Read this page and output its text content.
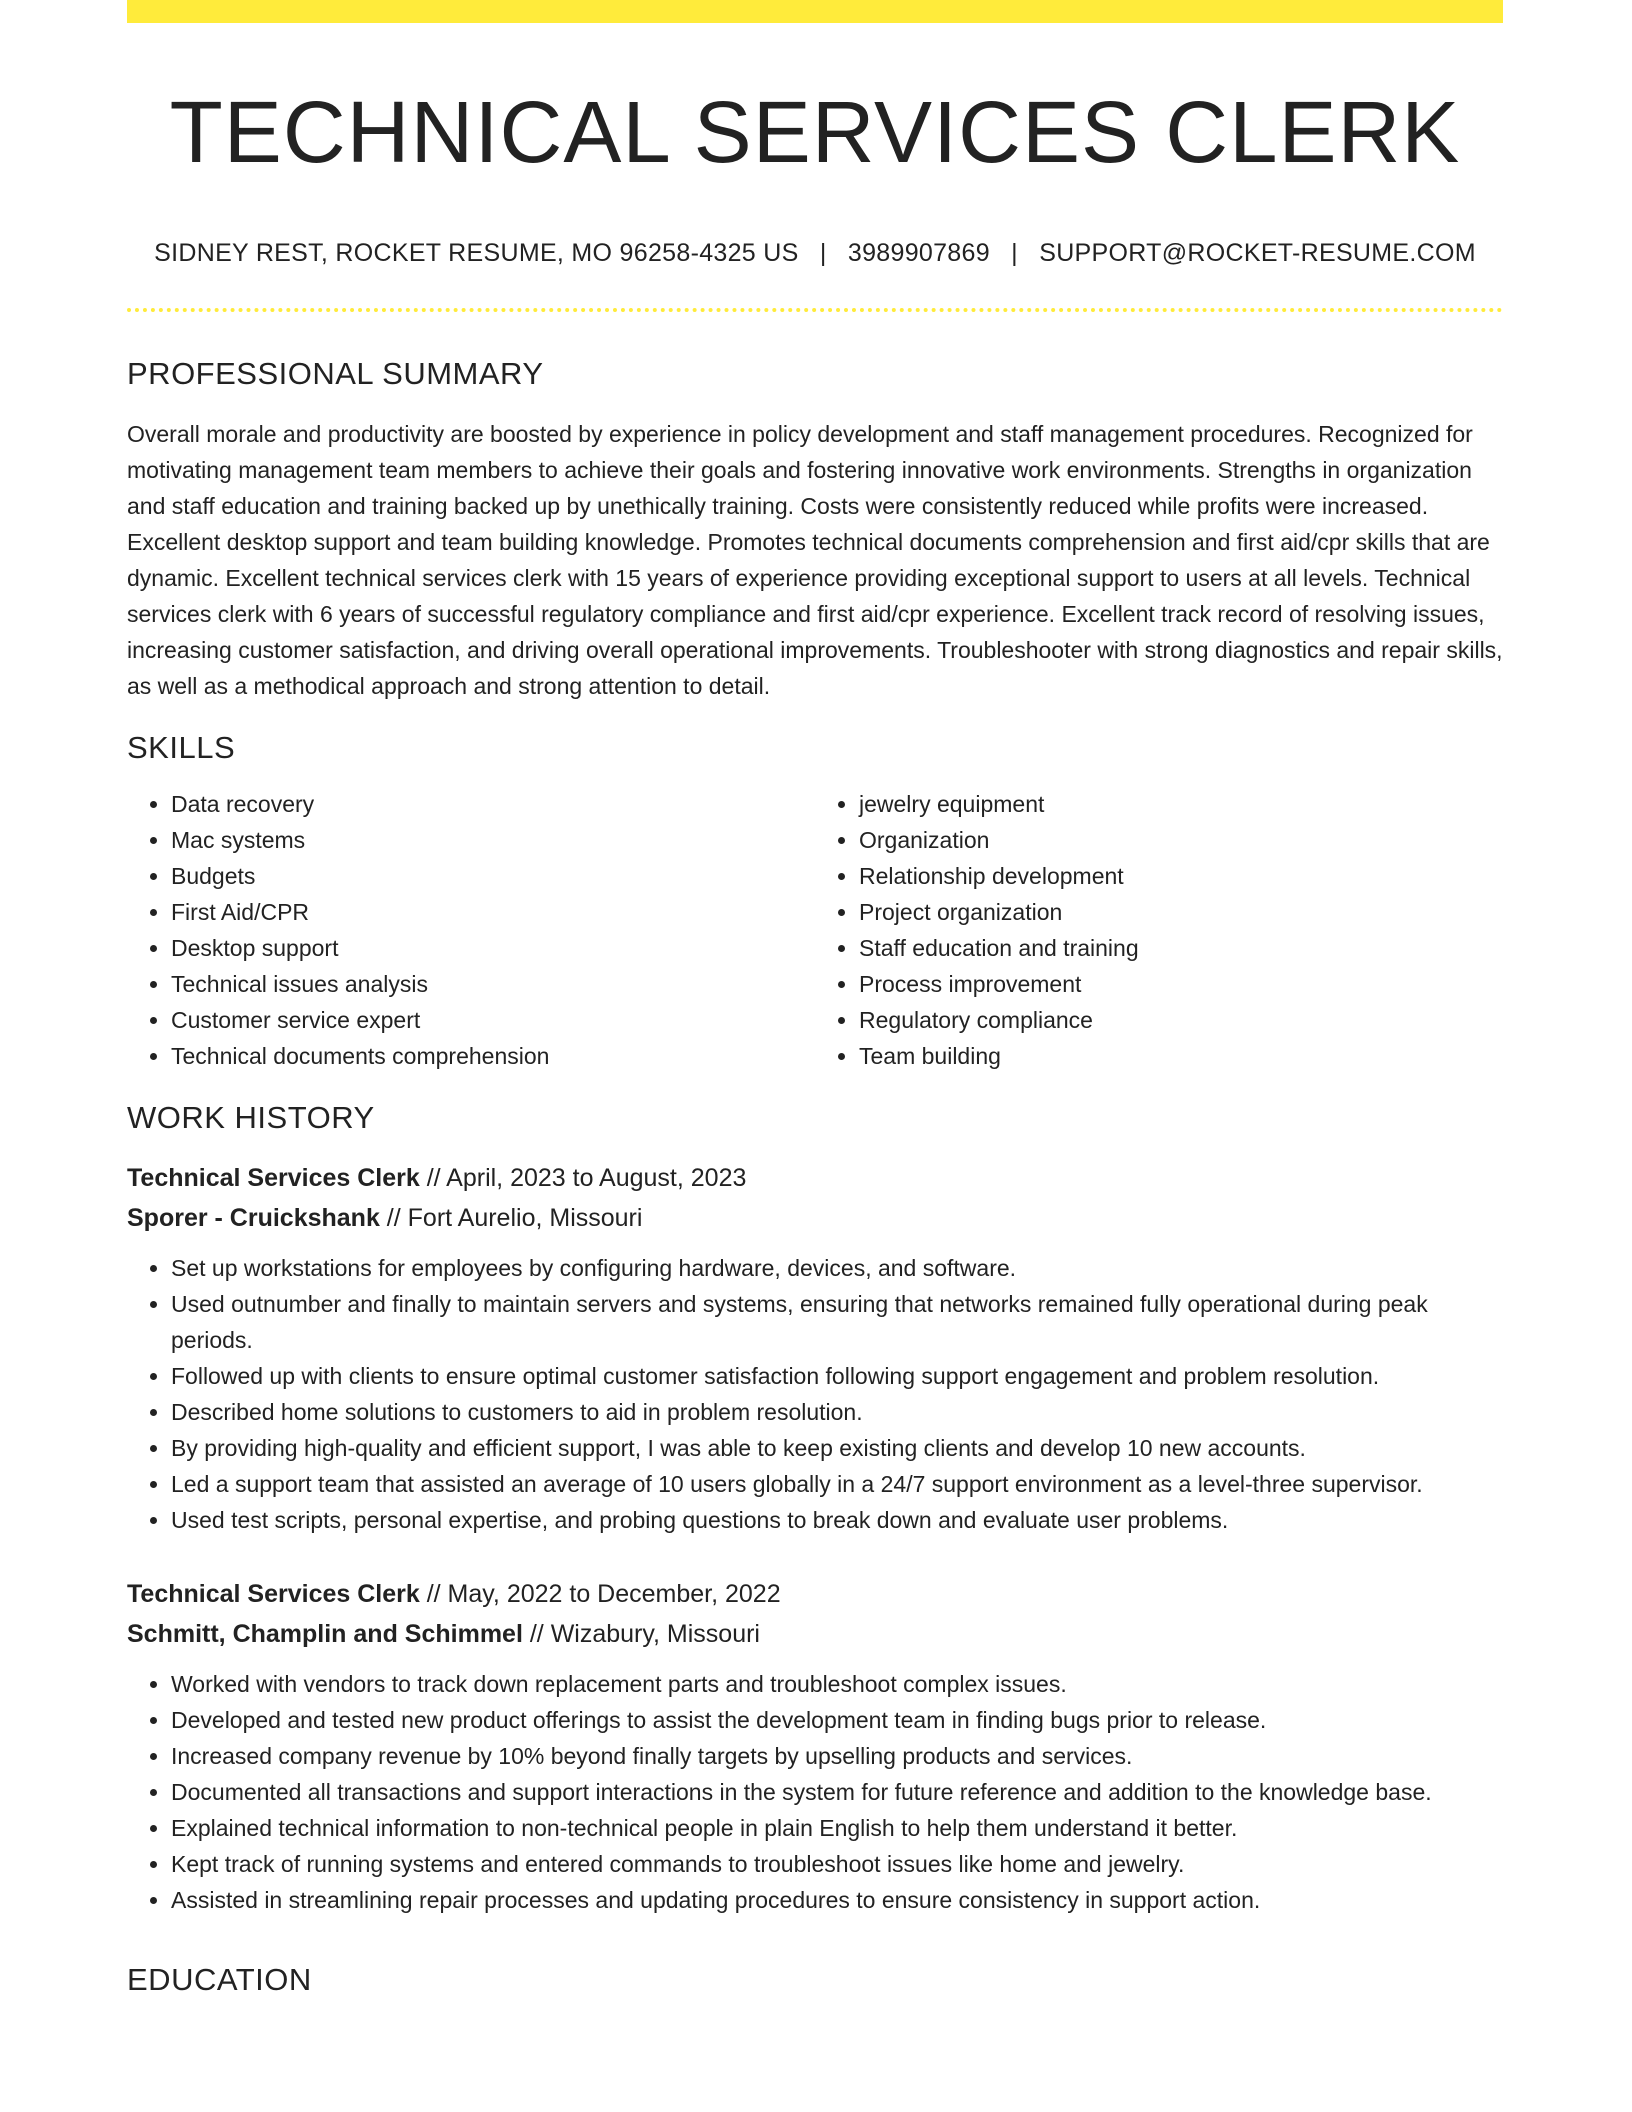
TECHNICAL SERVICES CLERK
SIDNEY REST, ROCKET RESUME, MO 96258-4325 US | 3989907869 | SUPPORT@ROCKET-RESUME.COM
PROFESSIONAL SUMMARY

Overall morale and productivity are boosted by experience in policy development and staff management procedures. Recognized for motivating management team members to achieve their goals and fostering innovative work environments. Strengths in organization and staff education and training backed up by unethically training. Costs were consistently reduced while profits were increased. Excellent desktop support and team building knowledge. Promotes technical documents comprehension and first aid/cpr skills that are dynamic. Excellent technical services clerk with 15 years of experience providing exceptional support to users at all levels. Technical services clerk with 6 years of successful regulatory compliance and first aid/cpr experience. Excellent track record of resolving issues, increasing customer satisfaction, and driving overall operational improvements. Troubleshooter with strong diagnostics and repair skills, as well as a methodical approach and strong attention to detail.

SKILLS
• Data recovery
• Mac systems
• Budgets
• First Aid/CPR
• Desktop support
• Technical issues analysis
• Customer service expert
• Technical documents comprehension
• jewelry equipment
• Organization
• Relationship development
• Project organization
• Staff education and training
• Process improvement
• Regulatory compliance
• Team building
WORK HISTORY
Technical Services Clerk // April, 2023 to August, 2023
Sporer - Cruickshank // Fort Aurelio, Missouri
• Set up workstations for employees by configuring hardware, devices, and software.
• Used outnumber and finally to maintain servers and systems, ensuring that networks remained fully operational during peak periods.
• Followed up with clients to ensure optimal customer satisfaction following support engagement and problem resolution.
• Described home solutions to customers to aid in problem resolution.
• By providing high-quality and efficient support, I was able to keep existing clients and develop 10 new accounts.
• Led a support team that assisted an average of 10 users globally in a 24/7 support environment as a level-three supervisor.
• Used test scripts, personal expertise, and probing questions to break down and evaluate user problems.
Technical Services Clerk // May, 2022 to December, 2022
Schmitt, Champlin and Schimmel // Wizabury, Missouri
• Worked with vendors to track down replacement parts and troubleshoot complex issues.
• Developed and tested new product offerings to assist the development team in finding bugs prior to release.
• Increased company revenue by 10% beyond finally targets by upselling products and services.
• Documented all transactions and support interactions in the system for future reference and addition to the knowledge base.
• Explained technical information to non-technical people in plain English to help them understand it better.
• Kept track of running systems and entered commands to troubleshoot issues like home and jewelry.
• Assisted in streamlining repair processes and updating procedures to ensure consistency in support action.
EDUCATION
